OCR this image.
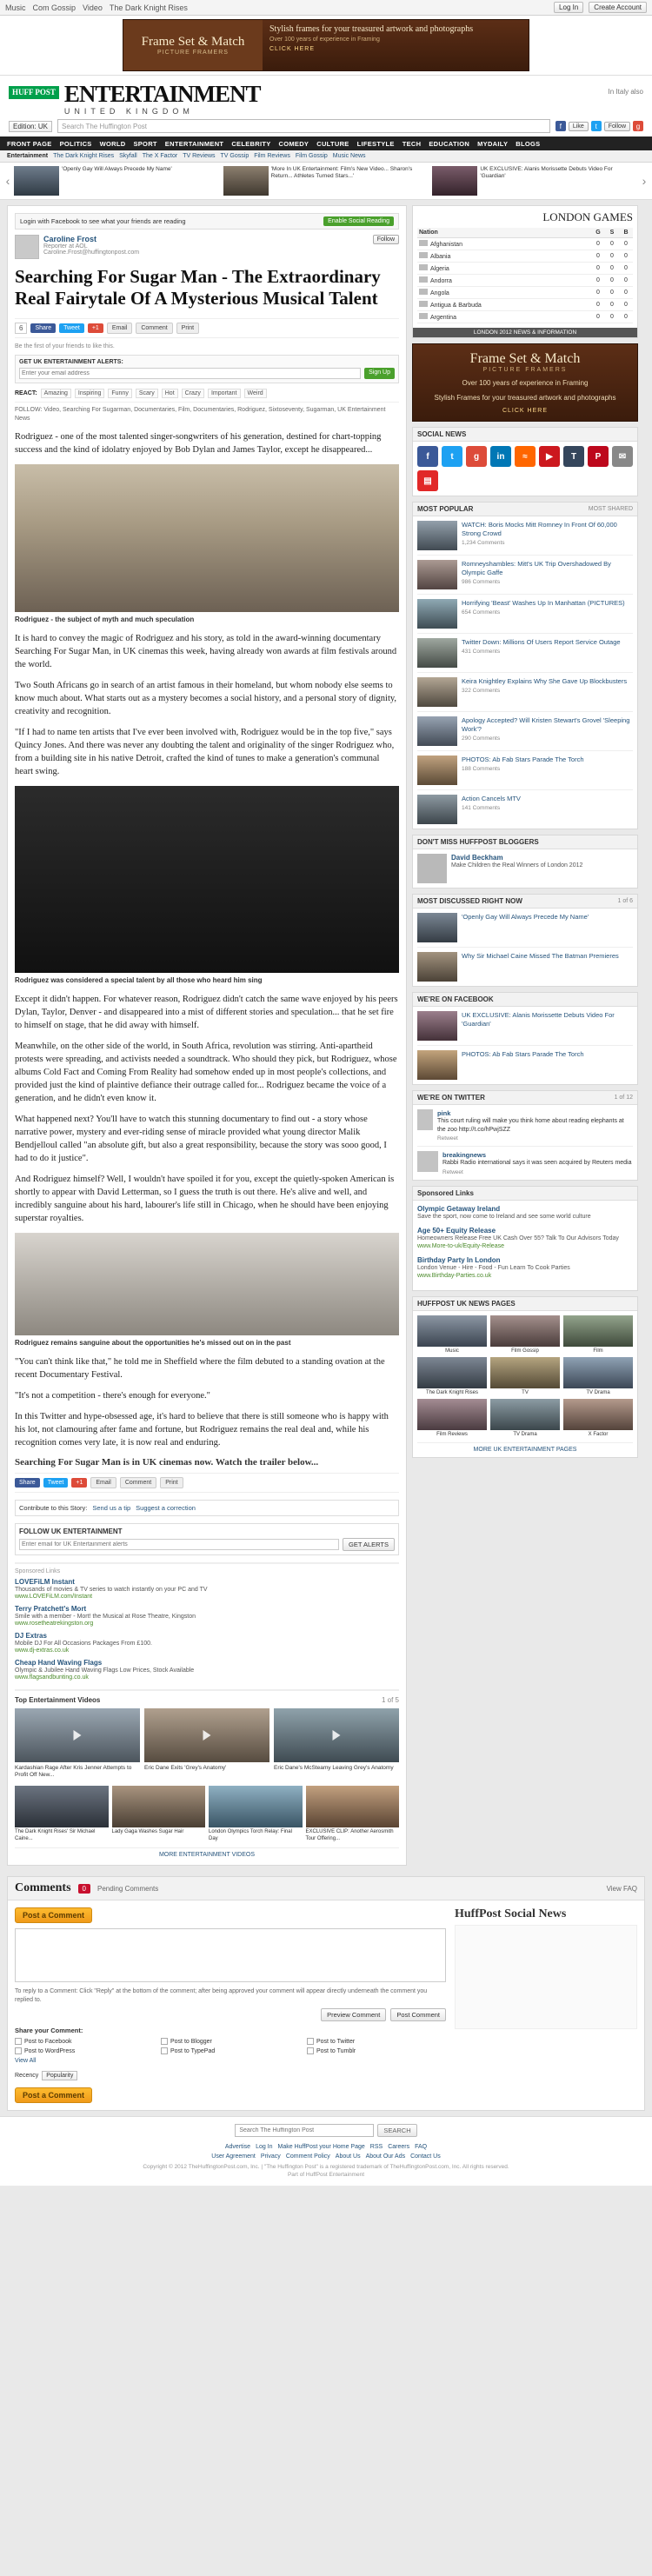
Music Com Gossip Video The Dark Knight Rises	Log In	Create Account
Frame Set & Match
PICTURE FRAMERS
Stylish frames for your treasured artwork and photographs
Over 100 years of experience in Framing
CLICK HERE
HUFF POST ENTERTAINMENT
UNITED KINGDOM
In Italy also
Edition: UK	Search The Huffington Post	f	Like	t	Follow	g
FRONT PAGE POLITICS WORLD SPORT ENTERTAINMENT CELEBRITY COMEDY CULTURE LIFESTYLE TECH EDUCATION MYDAILY BLOGS
Entertainment The Dark Knight Rises Skyfall The X Factor TV Reviews TV Gossip Film Reviews Film Gossip Music News
‹
'Openly Gay Will Always Precede My Name'	'More In UK Entertainment: Film's New Video... Sharon's Return... Athletes Turned Stars...'
UK EXCLUSIVE: Alanis Morissette Debuts Video For 'Guardian'	›
Login with Facebook to see what your friends are reading	Enable Social Reading
Caroline Frost
Reporter at AOL
Caroline.Frost@huffingtonpost.com
Follow
Searching For Sugar Man - The Extraordinary Real Fairytale Of A Mysterious Musical Talent
6	Share	Tweet	+1	Email	Comment	Print
Be the first of your friends to like this.
GET UK ENTERTAINMENT ALERTS:
Enter your email address
Sign Up
REACT:	Amazing	Inspiring	Funny	Scary	Hot	Crazy	Important	Weird
FOLLOW: Video, Searching For Sugarman, Documentaries, Film, Documentaries, Rodriguez, Sixtoseventy, Sugarman, UK Entertainment News

Rodriguez - one of the most talented singer-songwriters of his generation, destined for chart-topping success and the kind of idolatry enjoyed by Bob Dylan and James Taylor, except he disappeared...

Rodriguez - the subject of myth and much speculation

It is hard to convey the magic of Rodriguez and his story, as told in the award-winning documentary Searching For Sugar Man, in UK cinemas this week, having already won awards at film festivals around the world.

Two South Africans go in search of an artist famous in their homeland, but whom nobody else seems to know much about. What starts out as a mystery becomes a social history, and a personal story of dignity, creativity and recognition.

"If I had to name ten artists that I've ever been involved with, Rodriguez would be in the top five," says Quincy Jones. And there was never any doubting the talent and originality of the singer Rodriguez who, from a building site in his native Detroit, crafted the kind of tunes to make a generation's communal heart swing.

Rodriguez was considered a special talent by all those who heard him sing

Except it didn't happen. For whatever reason, Rodriguez didn't catch the same wave enjoyed by his peers Dylan, Taylor, Denver - and disappeared into a mist of different stories and speculation... that he set fire to himself on stage, that he did away with himself.

Meanwhile, on the other side of the world, in South Africa, revolution was stirring. Anti-apartheid protests were spreading, and activists needed a soundtrack. Who should they pick, but Rodriguez, whose albums Cold Fact and Coming From Reality had somehow ended up in most people's collections, and provided just the kind of plaintive defiance their outrage called for... Rodriguez became the voice of a generation, and he didn't even know it.

What happened next? You'll have to watch this stunning documentary to find out - a story whose narrative power, mystery and ever-riding sense of miracle provided what young director Malik Bendjelloul called "an absolute gift, but also a great responsibility, because the story was sooo good, I had to do it justice".

And Rodriguez himself? Well, I wouldn't have spoiled it for you, except the quietly-spoken American is shortly to appear with David Letterman, so I guess the truth is out there. He's alive and well, and incredibly sanguine about his hard, labourer's life still in Chicago, when he should have been enjoying superstar royalties.

Rodriguez remains sanguine about the opportunities he's missed out on in the past

"You can't think like that," he told me in Sheffield where the film debuted to a standing ovation at the recent Documentary Festival.

"It's not a competition - there's enough for everyone."

In this Twitter and hype-obsessed age, it's hard to believe that there is still someone who is happy with his lot, not clamouring after fame and fortune, but Rodriguez remains the real deal and, while his recognition comes very late, it is now real and enduring.

Searching For Sugar Man is in UK cinemas now. Watch the trailer below...
Share	Tweet	+1	Email	Comment	Print
Contribute to this Story: Send us a tip Suggest a correction
FOLLOW UK ENTERTAINMENT
Enter email for UK Entertainment alerts
GET ALERTS
Sponsored Links
LOVEFiLM Instant
Thousands of movies & TV series to watch instantly on your PC and TV
www.LOVEFiLM.com/Instant
Terry Pratchett's Mort
Smile with a member - Mort! the Musical at Rose Theatre, Kingston
www.rosetheatrekingston.org
DJ Extras
Mobile DJ For All Occasions Packages From £100.
www.dj-extras.co.uk
Cheap Hand Waving Flags
Olympic & Jubilee Hand Waving Flags Low Prices, Stock Available
www.flagsandbunting.co.uk
Top Entertainment Videos	1 of 5
Kardashian Rage After Kris Jenner Attempts to Profit Off New...
Eric Dane Exits 'Grey's Anatomy'	Eric Dane's McSteamy Leaving Grey's Anatomy
The Dark Knight Rises' Sir Michael Caine...
Lady Gaga Washes Sugar Hair	London Olympics Torch Relay: Final Day
EXCLUSIVE CLIP: Another Aerosmith Tour Offering...
MORE ENTERTAINMENT VIDEOS
LONDON GAMES
Nation	G	S	B
Afghanistan	0	0	0
Albania	0	0	0
Algeria	0	0	0
Andorra	0	0	0
Angola	0	0	0
Antigua & Barbuda	0	0	0
Argentina	0	0	0
LONDON 2012 NEWS & INFORMATION
Frame Set & Match
PICTURE FRAMERS
Over 100 years of experience in Framing
Stylish Frames for your treasured artwork and photographs
CLICK HERE
SOCIAL NEWS
f	t	g	in	≈	▶	T	P	✉
▤
MOST POPULAR	MOST SHARED
WATCH: Boris Mocks Mitt Romney In Front Of 60,000 Strong Crowd
1,234 Comments
Romneyshambles: Mitt's UK Trip Overshadowed By Olympic Gaffe
986 Comments
Horrifying 'Beast' Washes Up In Manhattan (PICTURES)
654 Comments
Twitter Down: Millions Of Users Report Service Outage
431 Comments
Keira Knightley Explains Why She Gave Up Blockbusters
322 Comments
Apology Accepted? Will Kristen Stewart's Grovel 'Sleeping Work'?
290 Comments
PHOTOS: Ab Fab Stars Parade The Torch
188 Comments
Action Cancels MTV
141 Comments
DON'T MISS HUFFPOST BLOGGERS
David Beckham
Make Children the Real Winners of London 2012
MOST DISCUSSED RIGHT NOW	1 of 6
'Openly Gay Will Always Precede My Name'
Why Sir Michael Caine Missed The Batman Premieres
WE'RE ON FACEBOOK
UK EXCLUSIVE: Alanis Morissette Debuts Video For 'Guardian'
PHOTOS: Ab Fab Stars Parade The Torch
WE'RE ON TWITTER	1 of 12
pink
This court ruling will make you think home about reading elephants at the zoo http://t.co/hPwjSZZ
Retweet
breakingnews
Rabbi Radio international says it was seen acquired by Reuters media
Retweet
Sponsored Links
Olympic Getaway Ireland
Save the sport, now come to Ireland and see some world culture
Age 50+ Equity Release
Homeowners Release Free UK Cash Over 55? Talk To Our Advisors Today
www.More-to-uk/Equity-Release
Birthday Party In London
London Venue - Hire - Food - Fun Learn To Cook Parties
www.Birthday-Parties.co.uk
HUFFPOST UK NEWS PAGES
Music	Film Gossip	Film
The Dark Knight Rises	TV	TV Drama
Film Reviews	TV Drama	X Factor
MORE UK ENTERTAINMENT PAGES
Comments	0	Pending Comments	View FAQ
Post a Comment
To reply to a Comment: Click "Reply" at the bottom of the comment; after being approved your comment will appear directly underneath the comment you replied to.
Preview Comment	Post Comment
Share your Comment:
Post to Facebook	Post to Blogger	Post to Twitter
Post to WordPress	Post to TypePad	Post to Tumblr
View All
Recency	Popularity
Post a Comment
HuffPost Social News
Search The Huffington Post
SEARCH
Advertise Log In Make HuffPost your Home Page RSS Careers FAQ
User Agreement Privacy Comment Policy About Us About Our Ads Contact Us
Copyright © 2012 TheHuffingtonPost.com, Inc. | "The Huffington Post" is a registered trademark of TheHuffingtonPost.com, Inc. All rights reserved.
Part of HuffPost Entertainment
